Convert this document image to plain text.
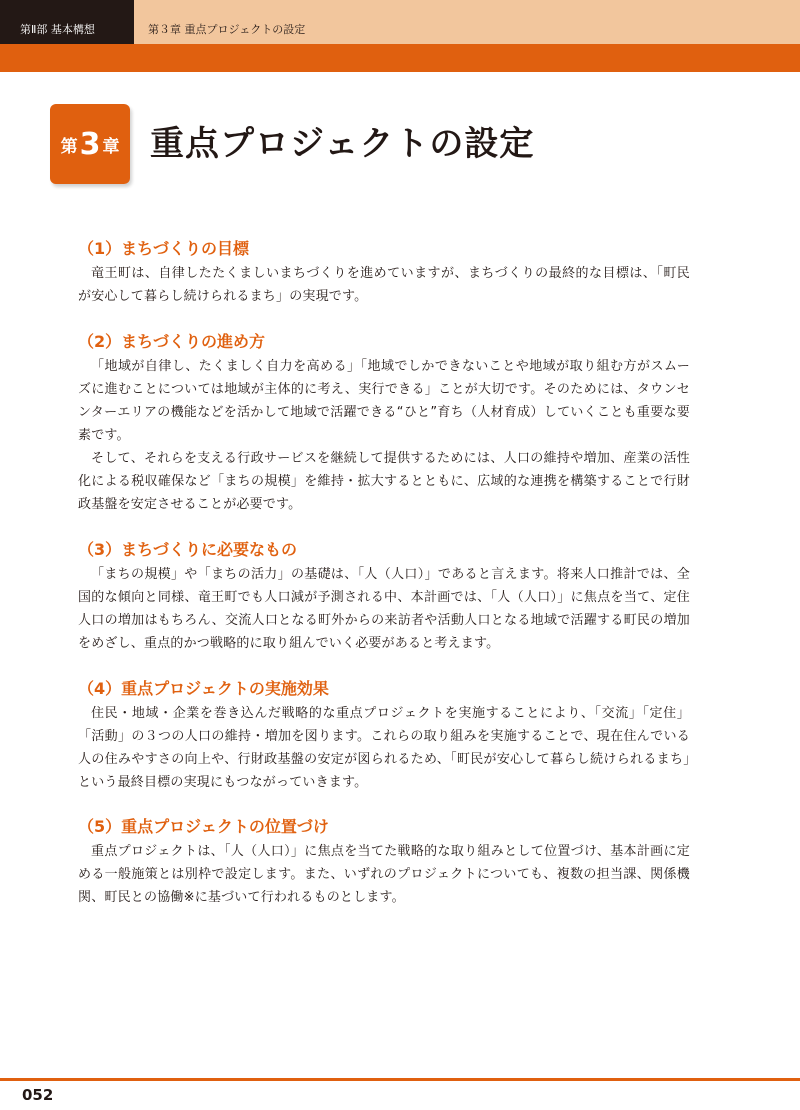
第Ⅱ部 基本構想	第３章 重点プロジェクトの設定
第 3 章 重点プロジェクトの設定
（1）まちづくりの目標

竜王町は、自律したたくましいまちづくりを進めていますが、まちづくりの最終的な目標は、「町民が安心して暮らし続けられるまち」の実現です。

（2）まちづくりの進め方

「地域が自律し、たくましく自力を高める」「地域でしかできないことや地域が取り組む方がスムーズに進むことについては地域が主体的に考え、実行できる」ことが大切です。そのためには、タウンセンターエリアの機能などを活かして地域で活躍できる“ひと”育ち（人材育成）していくことも重要な要素です。

そして、それらを支える行政サービスを継続して提供するためには、人口の維持や増加、産業の活性化による税収確保など「まちの規模」を維持・拡大するとともに、広域的な連携を構築することで行財政基盤を安定させることが必要です。

（3）まちづくりに必要なもの

「まちの規模」や「まちの活力」の基礎は、「人（人口）」であると言えます。将来人口推計では、全国的な傾向と同様、竜王町でも人口減が予測される中、本計画では、「人（人口）」に焦点を当て、定住人口の増加はもちろん、交流人口となる町外からの来訪者や活動人口となる地域で活躍する町民の増加をめざし、重点的かつ戦略的に取り組んでいく必要があると考えます。

（4）重点プロジェクトの実施効果

住民・地域・企業を巻き込んだ戦略的な重点プロジェクトを実施することにより、「交流」「定住」「活動」の３つの人口の維持・増加を図ります。これらの取り組みを実施することで、現在住んでいる人の住みやすさの向上や、行財政基盤の安定が図られるため、「町民が安心して暮らし続けられるまち」という最終目標の実現にもつながっていきます。

（5）重点プロジェクトの位置づけ

重点プロジェクトは、「人（人口）」に焦点を当てた戦略的な取り組みとして位置づけ、基本計画に定める一般施策とは別枠で設定します。また、いずれのプロジェクトについても、複数の担当課、関係機関、町民との協働※に基づいて行われるものとします。

052
